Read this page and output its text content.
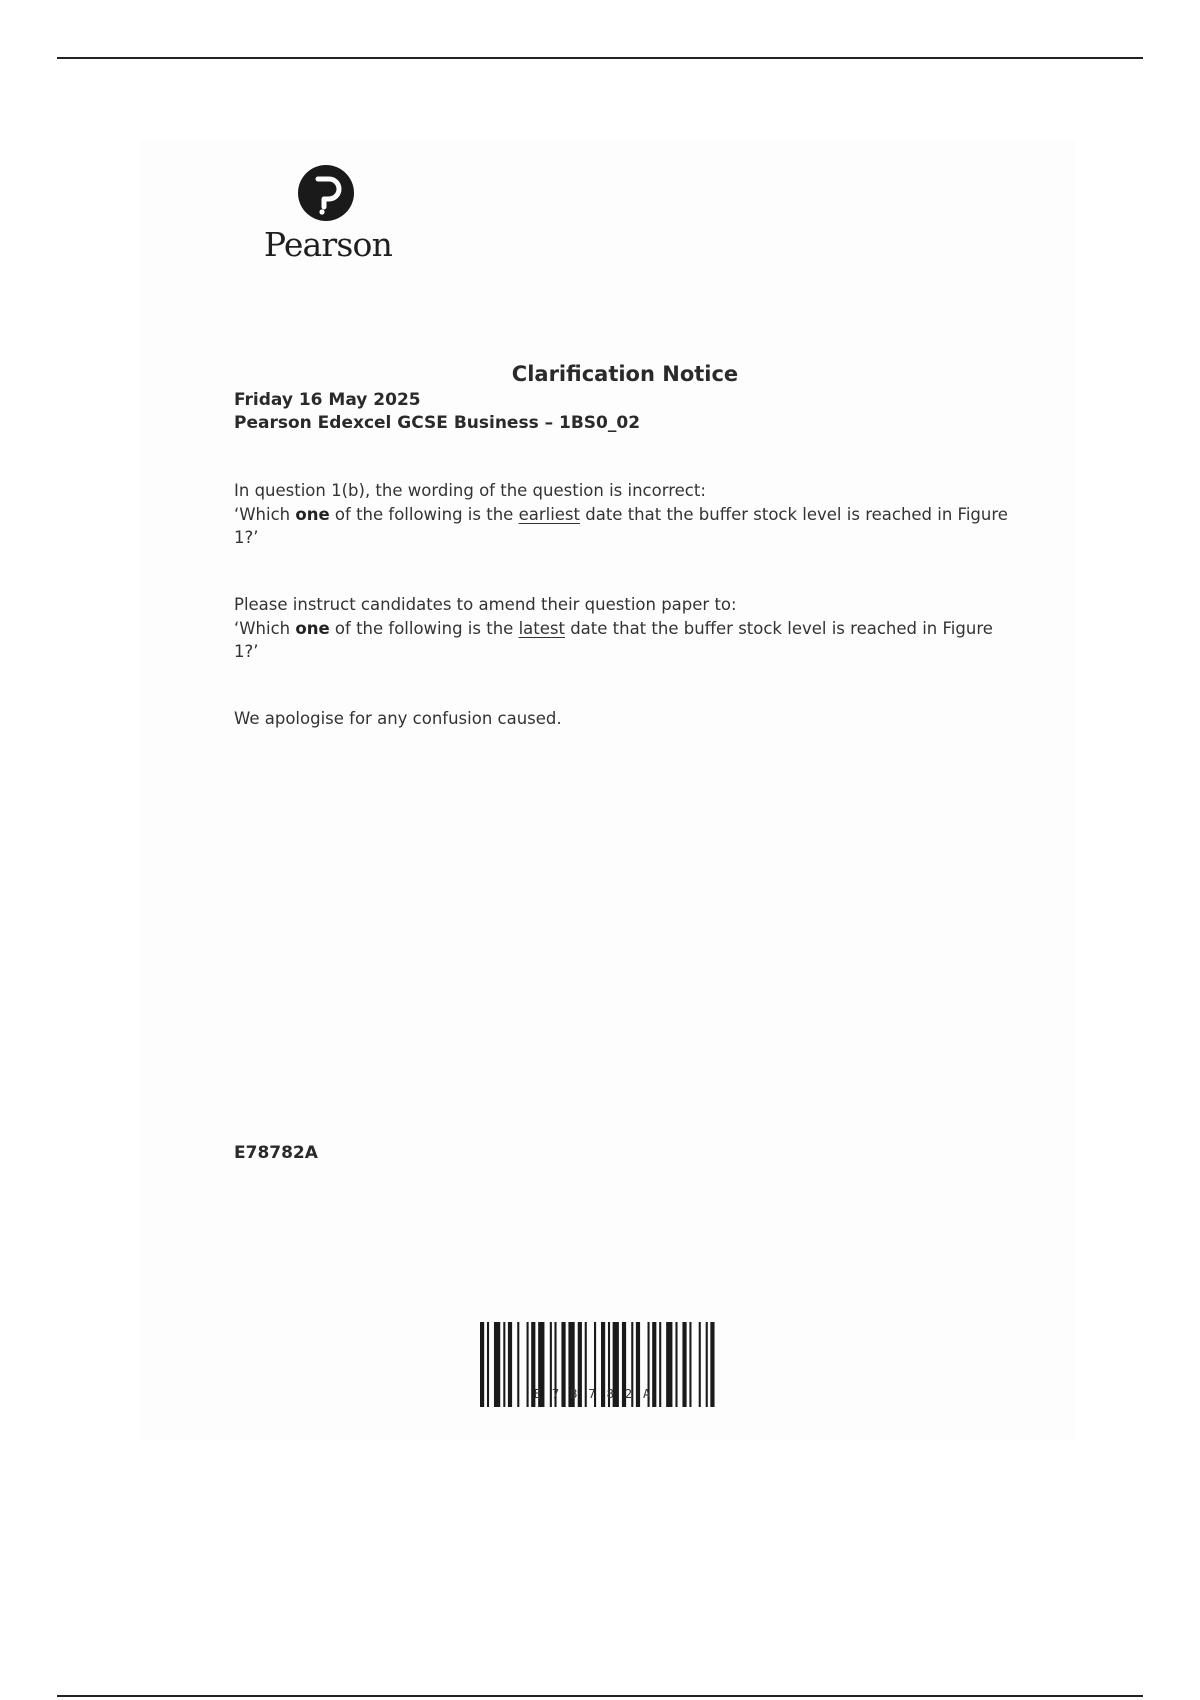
Pearson
Clarification Notice
Friday 16 May 2025
Pearson Edexcel GCSE Business – 1BS0_02
In question 1(b), the wording of the question is incorrect:
‘Which one of the following is the earliest date that the buffer stock level is reached in Figure 1?’
Please instruct candidates to amend their question paper to:
‘Which one of the following is the latest date that the buffer stock level is reached in Figure 1?’
We apologise for any confusion caused.
E78782A
E78782A
